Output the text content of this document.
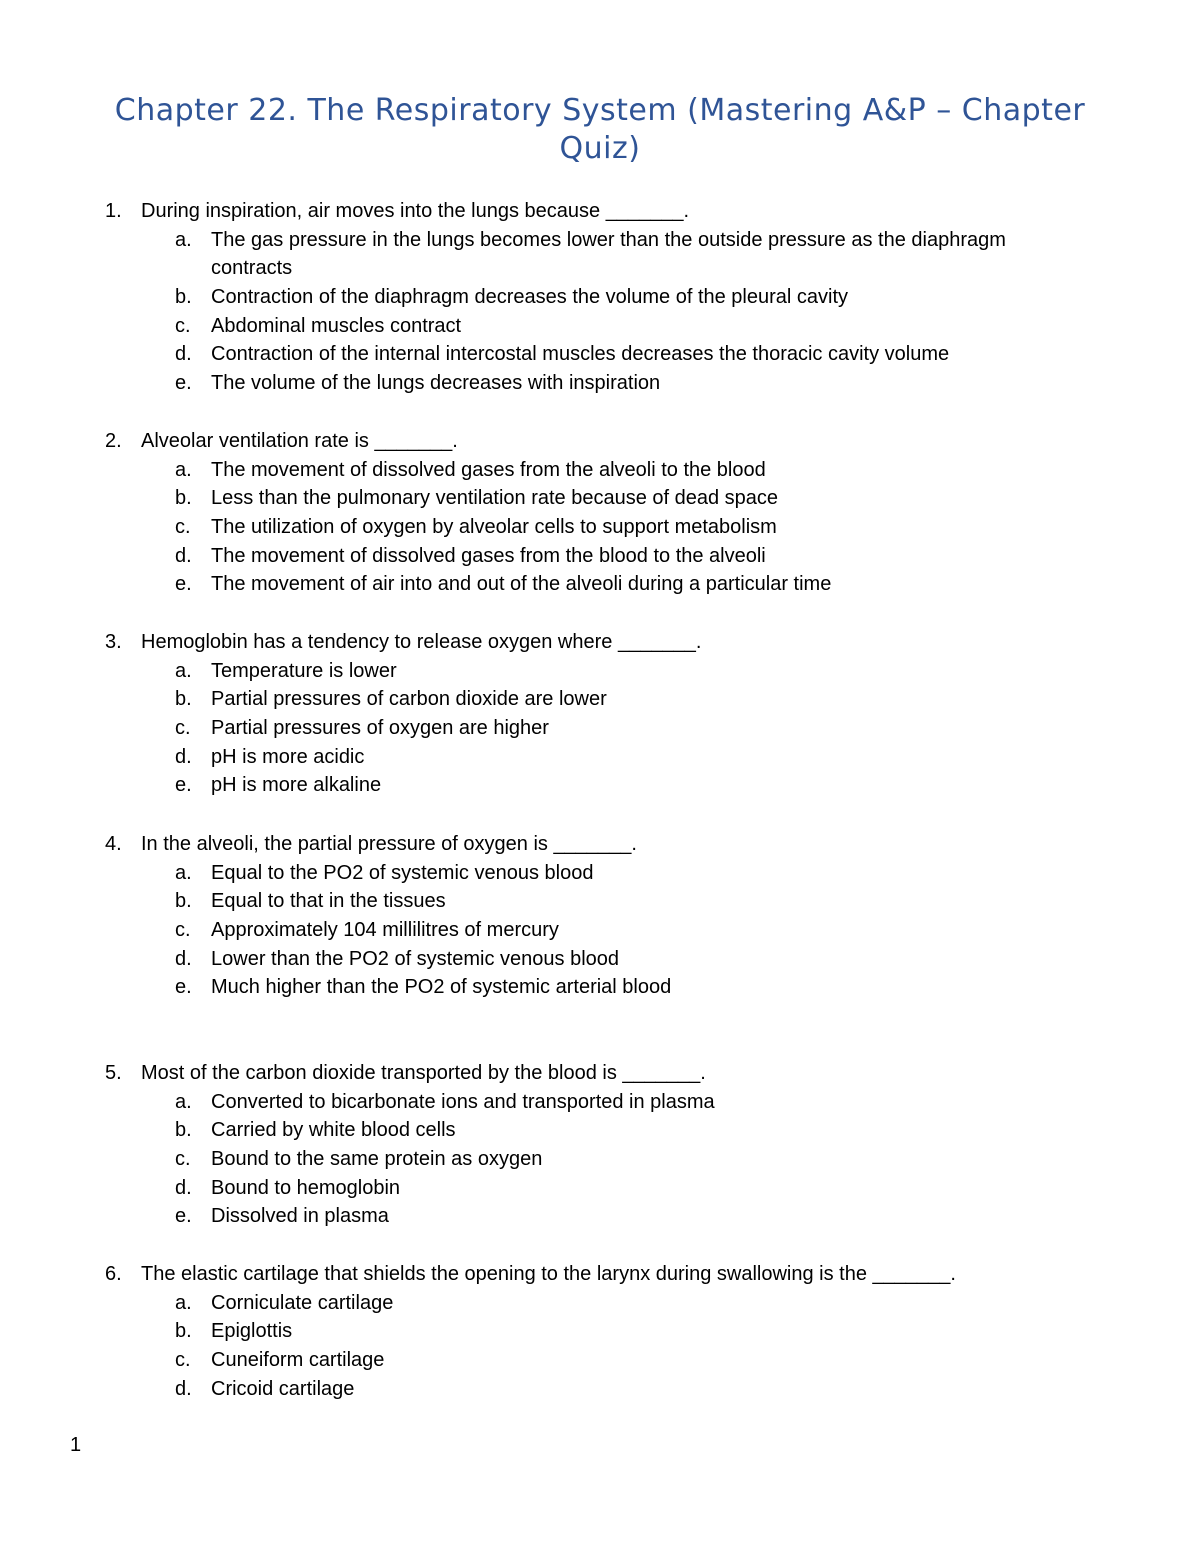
Chapter 22. The Respiratory System (Mastering A&P – Chapter Quiz)
1. During inspiration, air moves into the lungs because _______.
a. The gas pressure in the lungs becomes lower than the outside pressure as the diaphragm contracts
b. Contraction of the diaphragm decreases the volume of the pleural cavity
c.	Abdominal muscles contract
d. Contraction of the internal intercostal muscles decreases the thoracic cavity volume
e. The volume of the lungs decreases with inspiration
2. Alveolar ventilation rate is _______.
a. The movement of dissolved gases from the alveoli to the blood
b. Less than the pulmonary ventilation rate because of dead space
c.	The utilization of oxygen by alveolar cells to support metabolism
d. The movement of dissolved gases from the blood to the alveoli
e. The movement of air into and out of the alveoli during a particular time
3. Hemoglobin has a tendency to release oxygen where _______.
a. Temperature is lower
b. Partial pressures of carbon dioxide are lower
c.	Partial pressures of oxygen are higher
d. pH is more acidic
e. pH is more alkaline
4. In the alveoli, the partial pressure of oxygen is _______.
a. Equal to the PO2 of systemic venous blood
b. Equal to that in the tissues
c.	Approximately 104 millilitres of mercury
d. Lower than the PO2 of systemic venous blood
e. Much higher than the PO2 of systemic arterial blood
5. Most of the carbon dioxide transported by the blood is _______.
a. Converted to bicarbonate ions and transported in plasma
b. Carried by white blood cells
c.	Bound to the same protein as oxygen
d. Bound to hemoglobin
e. Dissolved in plasma
6. The elastic cartilage that shields the opening to the larynx during swallowing is the _______.
a. Corniculate cartilage
b. Epiglottis
c.	Cuneiform cartilage
d. Cricoid cartilage
1
